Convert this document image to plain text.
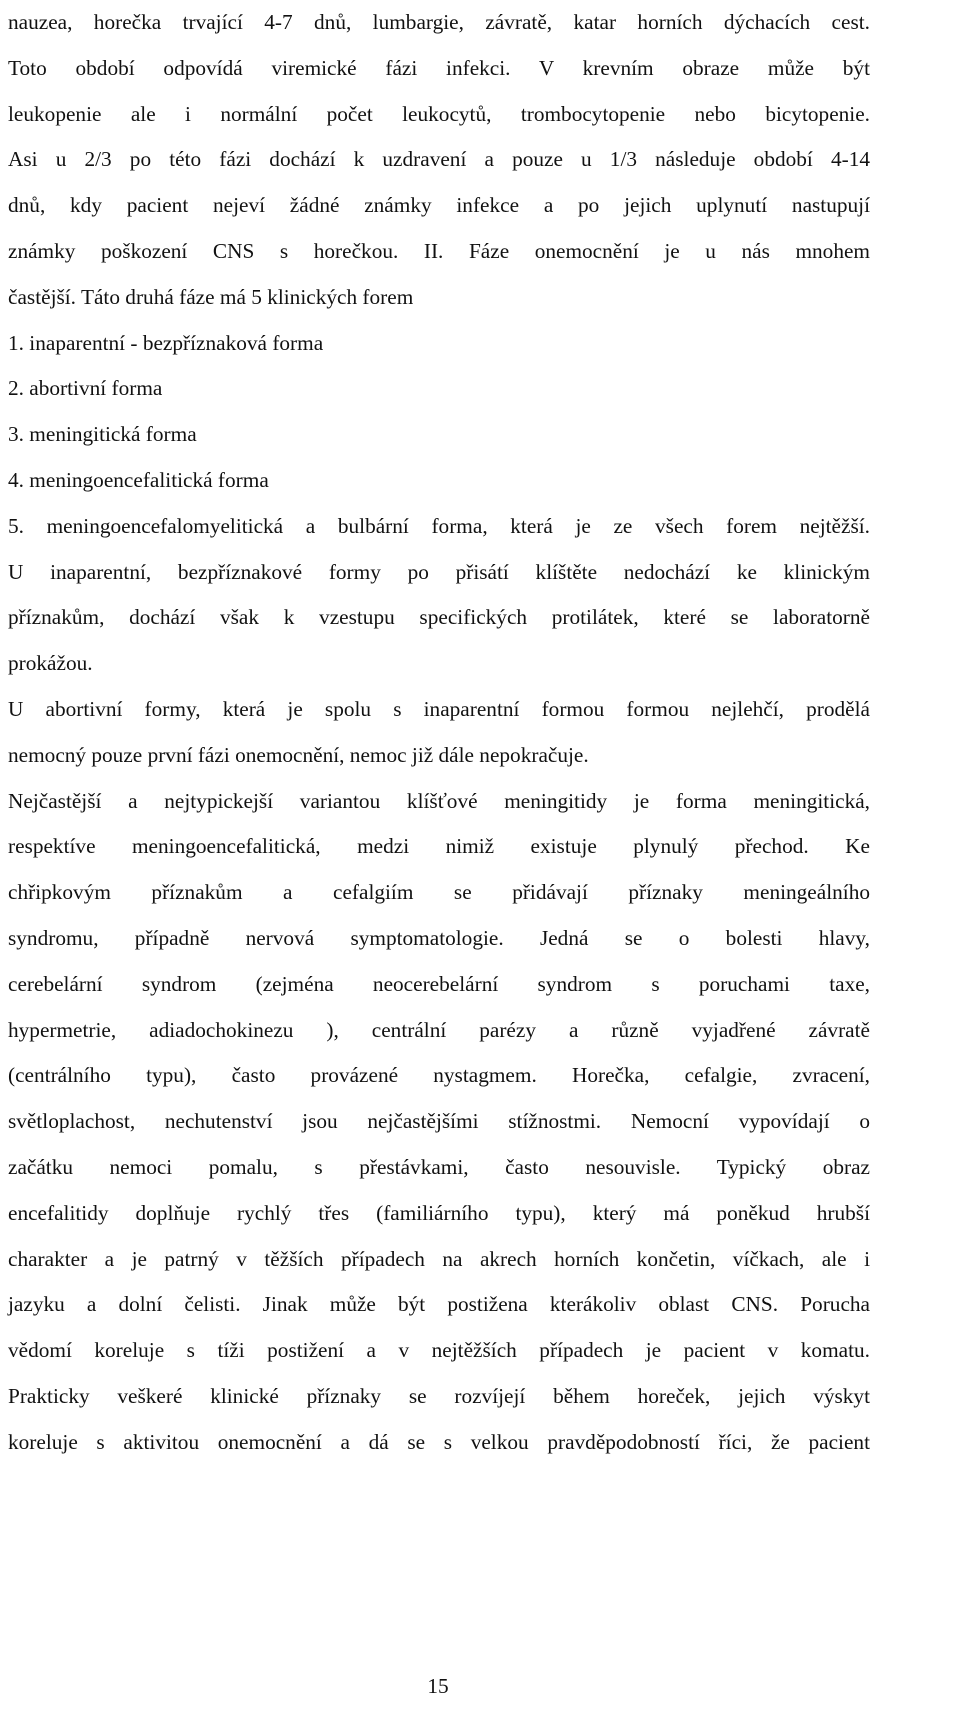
nauzea, horečka trvající 4-7 dnů, lumbargie, závratě, katar horních dýchacích cest.
Toto období odpovídá viremické fázi infekci. V krevním obraze může být
leukopenie ale i normální počet leukocytů, trombocytopenie nebo bicytopenie.
Asi u 2/3 po této fázi dochází k uzdravení a pouze u 1/3 následuje období 4-14
dnů, kdy pacient nejeví žádné známky infekce a po jejich uplynutí nastupují
známky poškození CNS s horečkou. II. Fáze onemocnění je u nás mnohem
častější. Táto druhá fáze má 5 klinických forem
1. inaparentní - bezpříznaková forma
2. abortivní forma
3. meningitická forma
4. meningoencefalitická forma
5. meningoencefalomyelitická a bulbární forma, která je ze všech forem nejtěžší.
U inaparentní, bezpříznakové formy po přisátí klíštěte nedochází ke klinickým
příznakům, dochází však k vzestupu specifických protilátek, které se laboratorně
prokážou.
U abortivní formy, která je spolu s inaparentní formou formou nejlehčí, prodělá
nemocný pouze první fázi onemocnění, nemoc již dále nepokračuje.
Nejčastější a nejtypickejší variantou klíšťové meningitidy je forma meningitická,
respektíve meningoencefalitická, medzi nimiž existuje plynulý přechod. Ke
chřipkovým příznakům a cefalgiím se přidávají příznaky meningeálního
syndromu, případně nervová symptomatologie. Jedná se o bolesti hlavy,
cerebelární syndrom (zejména neocerebelární syndrom s poruchami taxe,
hypermetrie, adiadochokinezu ), centrální parézy a různě vyjadřené závratě
(centrálního typu), často provázené nystagmem. Horečka, cefalgie, zvracení,
světloplachost, nechutenství jsou nejčastějšími stížnostmi. Nemocní vypovídají o
začátku nemoci pomalu, s přestávkami, často nesouvisle. Typický obraz
encefalitidy doplňuje rychlý třes (familiárního typu), který má poněkud hrubší
charakter a je patrný v těžších případech na akrech horních končetin, víčkach, ale i
jazyku a dolní čelisti. Jinak může být postižena kterákoliv oblast CNS. Porucha
vědomí koreluje s tíži postižení a v nejtěžších případech je pacient v komatu.
Prakticky veškeré klinické příznaky se rozvíjejí během horeček, jejich výskyt
koreluje s aktivitou onemocnění a dá se s velkou pravděpodobností říci, že pacient
15
